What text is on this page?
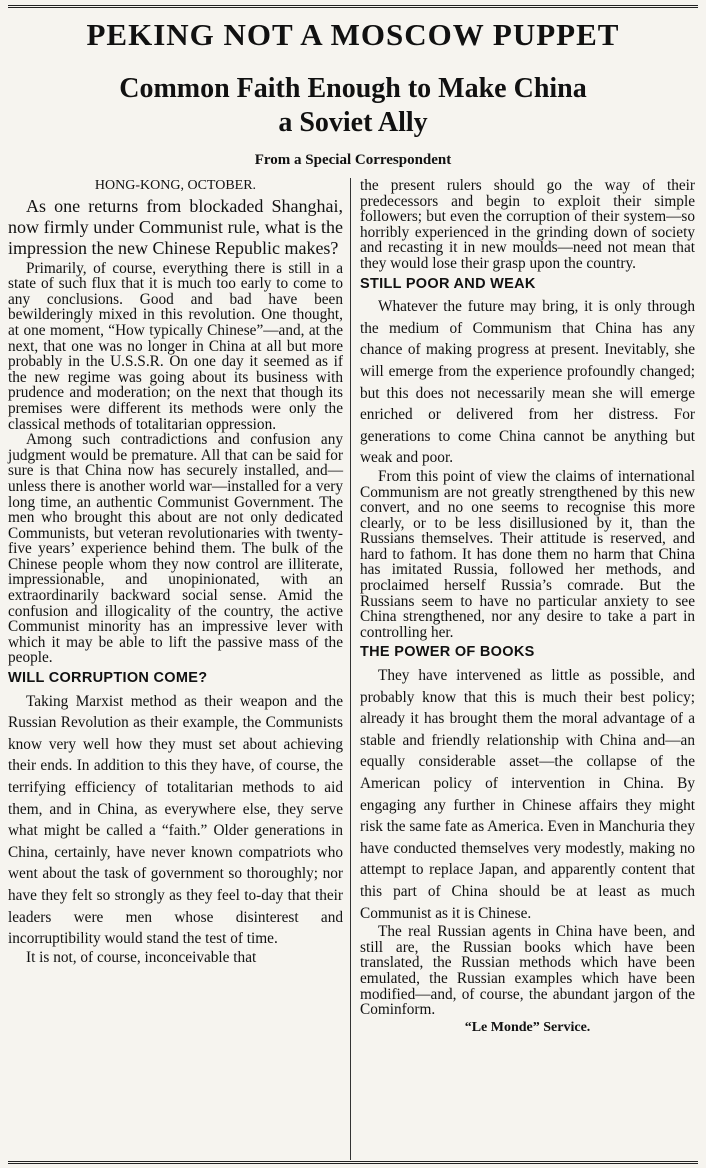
PEKING NOT A MOSCOW PUPPET
Common Faith Enough to Make China
a Soviet Ally
From a Special Correspondent
HONG-KONG, OCTOBER.

As one returns from blockaded Shanghai, now firmly under Communist rule, what is the impression the new Chinese Republic makes?

Primarily, of course, everything there is still in a state of such flux that it is much too early to come to any conclusions. Good and bad have been bewilderingly mixed in this revolution. One thought, at one moment, “How typically Chinese”—and, at the next, that one was no longer in China at all but more probably in the U.S.S.R. On one day it seemed as if the new regime was going about its business with prudence and moderation; on the next that though its premises were different its methods were only the classical methods of totalitarian oppression.

Among such contradictions and confusion any judgment would be premature. All that can be said for sure is that China now has securely installed, and—unless there is another world war—installed for a very long time, an authentic Communist Government. The men who brought this about are not only dedicated Communists, but veteran revolutionaries with twenty-five years’ experience behind them. The bulk of the Chinese people whom they now control are illiterate, impressionable, and unopinionated, with an extraordinarily backward social sense. Amid the confusion and illogicality of the country, the active Communist minority has an impressive lever with which it may be able to lift the passive mass of the people.

WILL CORRUPTION COME?

Taking Marxist method as their weapon and the Russian Revolution as their example, the Communists know very well how they must set about achieving their ends. In addition to this they have, of course, the terrifying efficiency of totalitarian methods to aid them, and in China, as everywhere else, they serve what might be called a “faith.” Older generations in China, certainly, have never known compatriots who went about the task of government so thoroughly; nor have they felt so strongly as they feel to-day that their leaders were men whose disinterest and incorruptibility would stand the test of time.

It is not, of course, inconceivable that

the present rulers should go the way of their predecessors and begin to exploit their simple followers; but even the corruption of their system—so horribly experienced in the grinding down of society and recasting it in new moulds—need not mean that they would lose their grasp upon the country.

STILL POOR AND WEAK

Whatever the future may bring, it is only through the medium of Communism that China has any chance of making progress at present. Inevitably, she will emerge from the experience profoundly changed; but this does not necessarily mean she will emerge enriched or delivered from her distress. For generations to come China cannot be anything but weak and poor.

From this point of view the claims of international Communism are not greatly strengthened by this new convert, and no one seems to recognise this more clearly, or to be less disillusioned by it, than the Russians themselves. Their attitude is reserved, and hard to fathom. It has done them no harm that China has imitated Russia, followed her methods, and proclaimed herself Russia’s comrade. But the Russians seem to have no particular anxiety to see China strengthened, nor any desire to take a part in controlling her.

THE POWER OF BOOKS

They have intervened as little as possible, and probably know that this is much their best policy; already it has brought them the moral advantage of a stable and friendly relationship with China and—an equally considerable asset—the collapse of the American policy of intervention in China. By engaging any further in Chinese affairs they might risk the same fate as America. Even in Manchuria they have conducted themselves very modestly, making no attempt to replace Japan, and apparently content that this part of China should be at least as much Communist as it is Chinese.

The real Russian agents in China have been, and still are, the Russian books which have been translated, the Russian methods which have been emulated, the Russian examples which have been modified—and, of course, the abundant jargon of the Cominform.

“Le Monde” Service.
